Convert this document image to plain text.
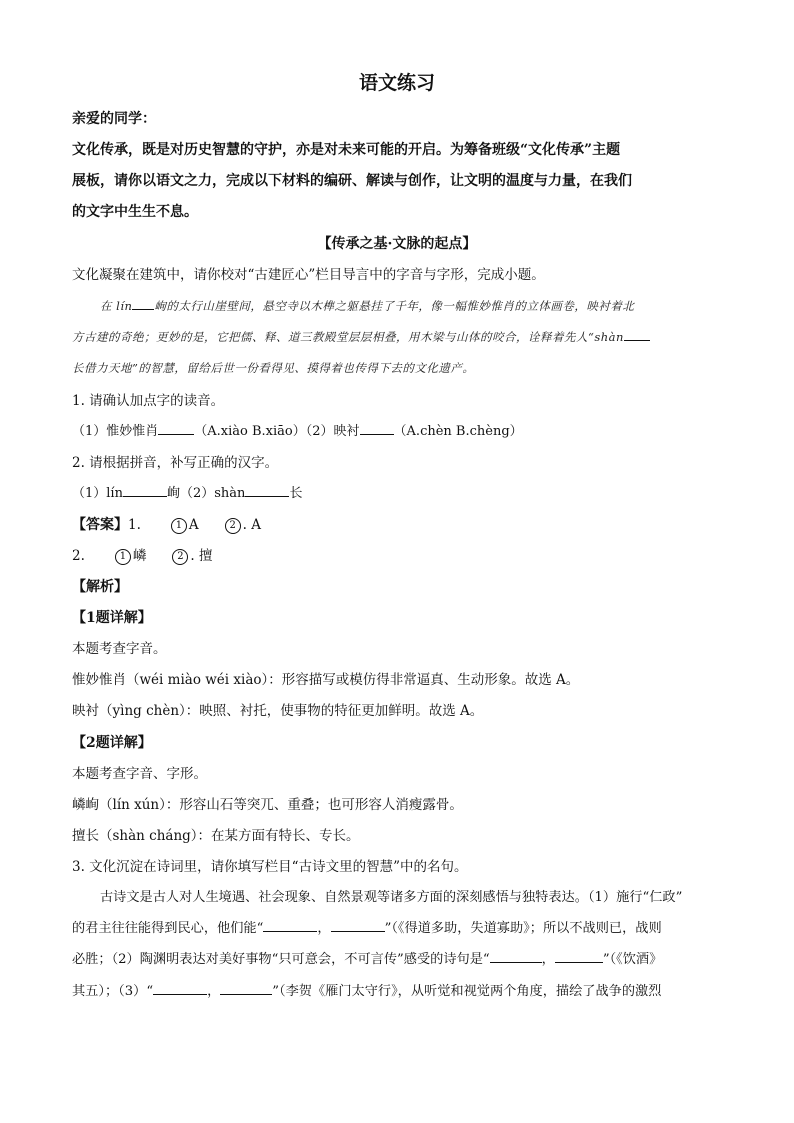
语文练习
亲爱的同学：
文化传承，既是对历史智慧的守护，亦是对未来可能的开启。为筹备班级“文化传承”主题
展板，请你以语文之力，完成以下材料的编研、解读与创作，让文明的温度与力量，在我们
的文字中生生不息。
【传承之基·文脉的起点】
文化凝聚在建筑中，请你校对“古建匠心”栏目导言中的字音与字形，完成小题。
在 lín 峋的太行山崖壁间，悬空寺以木榫之躯悬挂了千年，像一幅惟妙惟肖的立体画卷，映衬着北
方古建的奇绝；更妙的是，它把儒、释、道三教殿堂层层相叠，用木梁与山体的咬合，诠释着先人“shàn
长借力天地”的智慧，留给后世一份看得见、摸得着也传得下去的文化遗产。
1. 请确认加点字的读音。
（1）惟妙惟肖	（A.xiào B.xiāo）（2）映衬	（A.chèn B.chèng）
2. 请根据拼音，补写正确的汉字。
（1）lín	峋（2）shàn	长
【答案】1.	1 A	2 . A
2.	1 嶙	2 . 擅
【解析】
【1题详解】
本题考查字音。
惟妙惟肖（wéi miào wéi xiào）：形容描写或模仿得非常逼真、生动形象。故选 A。
映衬（yìng chèn）：映照、衬托，使事物的特征更加鲜明。故选 A。
【2题详解】
本题考查字音、字形。
嶙峋（lín xún）：形容山石等突兀、重叠；也可形容人消瘦露骨。
擅长（shàn cháng）：在某方面有特长、专长。
3. 文化沉淀在诗词里，请你填写栏目“古诗文里的智慧”中的名句。
古诗文是古人对人生境遇、社会现象、自然景观等诸多方面的深刻感悟与独特表达。（1）施行“仁政”
的君主往往能得到民心，他们能“	，	”（《得道多助，失道寡助》；所以不战则已，战则
必胜；（2）陶渊明表达对美好事物“只可意会，不可言传”感受的诗句是“	，	”（《饮酒》
其五）；（3）“	，	”（李贺《雁门太守行》，从听觉和视觉两个角度，描绘了战争的激烈
